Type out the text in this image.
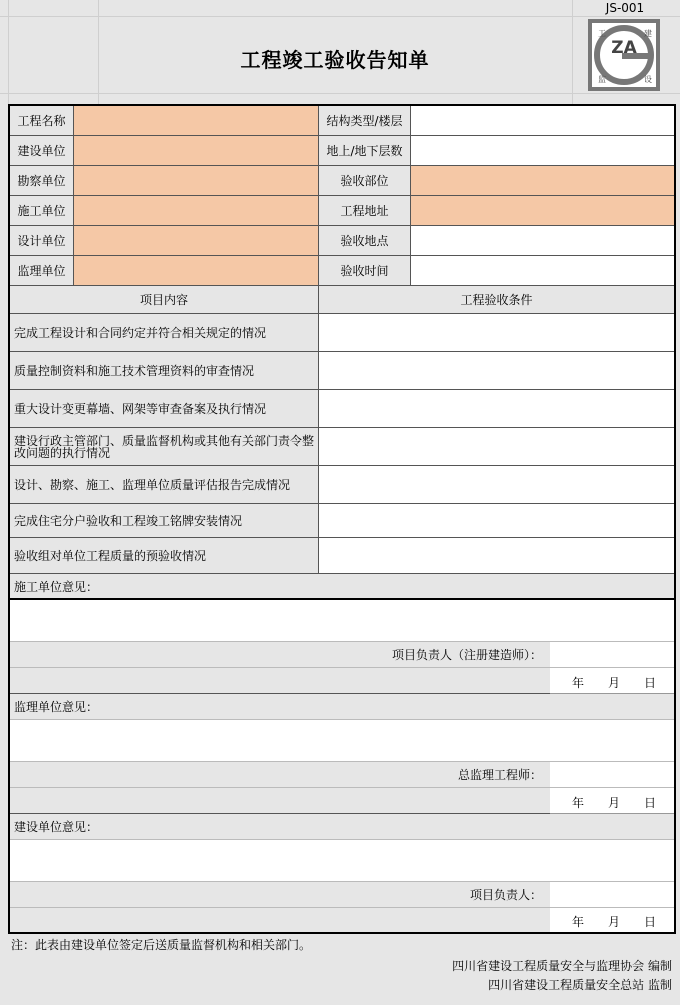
JS-001
工程竣工验收告知单	ZA
工	建
监	设
工程名称	结构类型/楼层
建设单位	地上/地下层数
勘察单位	验收部位
施工单位	工程地址
设计单位	验收地点
监理单位	验收时间
项目内容	工程验收条件
完成工程设计和合同约定并符合相关规定的情况
质量控制资料和施工技术管理资料的审查情况
重大设计变更幕墙、网架等审查备案及执行情况
建设行政主管部门、质量监督机构或其他有关部门责令整改问题的执行情况
设计、勘察、施工、监理单位质量评估报告完成情况
完成住宅分户验收和工程竣工铭牌安装情况
验收组对单位工程质量的预验收情况
施工单位意见：
项目负责人（注册建造师）：
年 月 日
监理单位意见：
总监理工程师：
年 月 日
建设单位意见：
项目负责人：
年 月 日
注：此表由建设单位签定后送质量监督机构和相关部门。
四川省建设工程质量安全与监理协会 编制
四川省建设工程质量安全总站 监制
